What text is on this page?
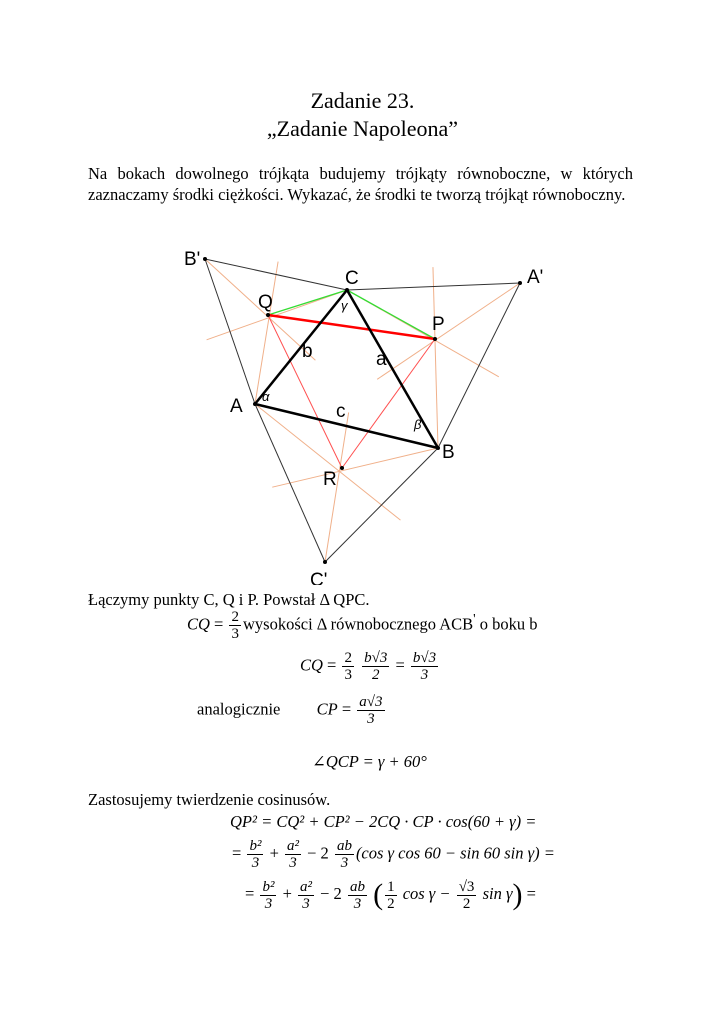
Zadanie 23.
„Zadanie Napoleona”
Na bokach dowolnego trójkąta budujemy trójkąty równoboczne, w których zaznaczamy środki ciężkości. Wykazać, że środki te tworzą trójkąt równoboczny.
B'
A'
C'
C
A
B
Q
P
R
b	a
c
α
β
γ
Łączymy punkty C, Q i P. Powstał Δ QPC.
CQ = $\frac{2}{3}$ wysokości Δ równobocznego ACB' o boku b
CQ = $\frac{2}{3}$
$\frac{b√3}{2} = \frac{b√3}{3}$
analogicznie CP = $\frac{a√3}{3}$
∠QCP = γ + 60°
Zastosujemy twierdzenie cosinusów.
QP² = CQ² + CP² − 2CQ · CP · cos(60 + γ) =
= $\frac{\text{b²}}{3} + \frac{\text{a²}}{3} - 2 \frac{ab}{3} (\cos$ γ cos 60 − sin 60 sin γ) =
= $\frac{\text{b²}}{3} + \frac{\text{a²}}{3} - 2 \frac{ab}{3}$ ( $\frac{1}{2}$ $\cos \gamma - \frac{√3}{2}$ sin γ) =
